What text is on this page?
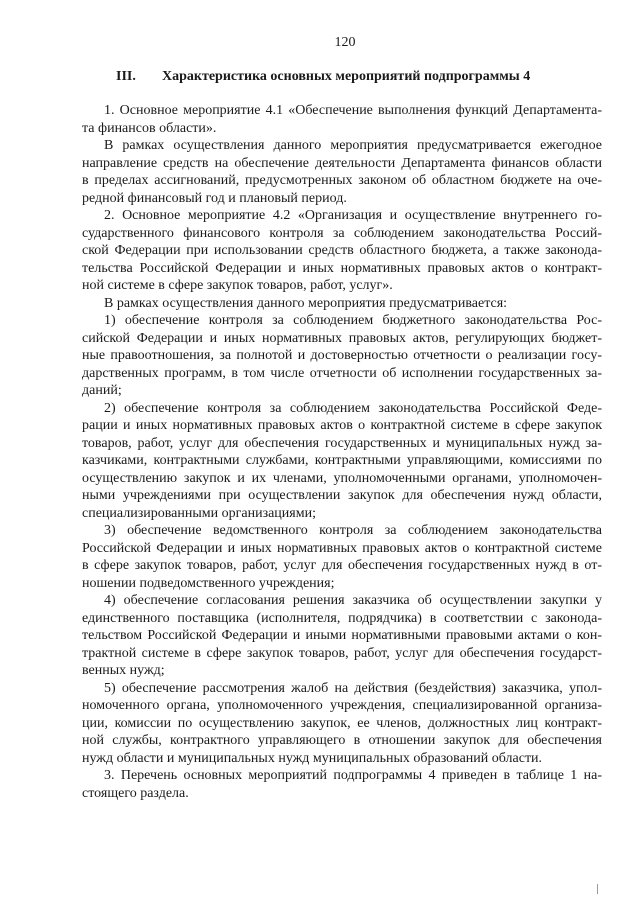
120
III. Характеристика основных мероприятий подпрограммы 4
1. Основное мероприятие 4.1 «Обеспечение выполнения функций Департамента-
та финансов области».
В рамках осуществления данного мероприятия предусматривается ежегодное
направление средств на обеспечение деятельности Департамента финансов области
в пределах ассигнований, предусмотренных законом об областном бюджете на оче-
редной финансовый год и плановый период.
2. Основное мероприятие 4.2 «Организация и осуществление внутреннего го-
сударственного финансового контроля за соблюдением законодательства Россий-
ской Федерации при использовании средств областного бюджета, а также законода-
тельства Российской Федерации и иных нормативных правовых актов о контракт-
ной системе в сфере закупок товаров, работ, услуг».
В рамках осуществления данного мероприятия предусматривается:
1) обеспечение контроля за соблюдением бюджетного законодательства Рос-
сийской Федерации и иных нормативных правовых актов, регулирующих бюджет-
ные правоотношения, за полнотой и достоверностью отчетности о реализации госу-
дарственных программ, в том числе отчетности об исполнении государственных за-
даний;
2) обеспечение контроля за соблюдением законодательства Российской Феде-
рации и иных нормативных правовых актов о контрактной системе в сфере закупок
товаров, работ, услуг для обеспечения государственных и муниципальных нужд за-
казчиками, контрактными службами, контрактными управляющими, комиссиями по
осуществлению закупок и их членами, уполномоченными органами, уполномочен-
ными учреждениями при осуществлении закупок для обеспечения нужд области,
специализированными организациями;
3) обеспечение ведомственного контроля за соблюдением законодательства
Российской Федерации и иных нормативных правовых актов о контрактной системе
в сфере закупок товаров, работ, услуг для обеспечения государственных нужд в от-
ношении подведомственного учреждения;
4) обеспечение согласования решения заказчика об осуществлении закупки у
единственного поставщика (исполнителя, подрядчика) в соответствии с законода-
тельством Российской Федерации и иными нормативными правовыми актами о кон-
трактной системе в сфере закупок товаров, работ, услуг для обеспечения государст-
венных нужд;
5) обеспечение рассмотрения жалоб на действия (бездействия) заказчика, упол-
номоченного органа, уполномоченного учреждения, специализированной организа-
ции, комиссии по осуществлению закупок, ее членов, должностных лиц контракт-
ной службы, контрактного управляющего в отношении закупок для обеспечения
нужд области и муниципальных нужд муниципальных образований области.
3. Перечень основных мероприятий подпрограммы 4 приведен в таблице 1 на-
стоящего раздела.
